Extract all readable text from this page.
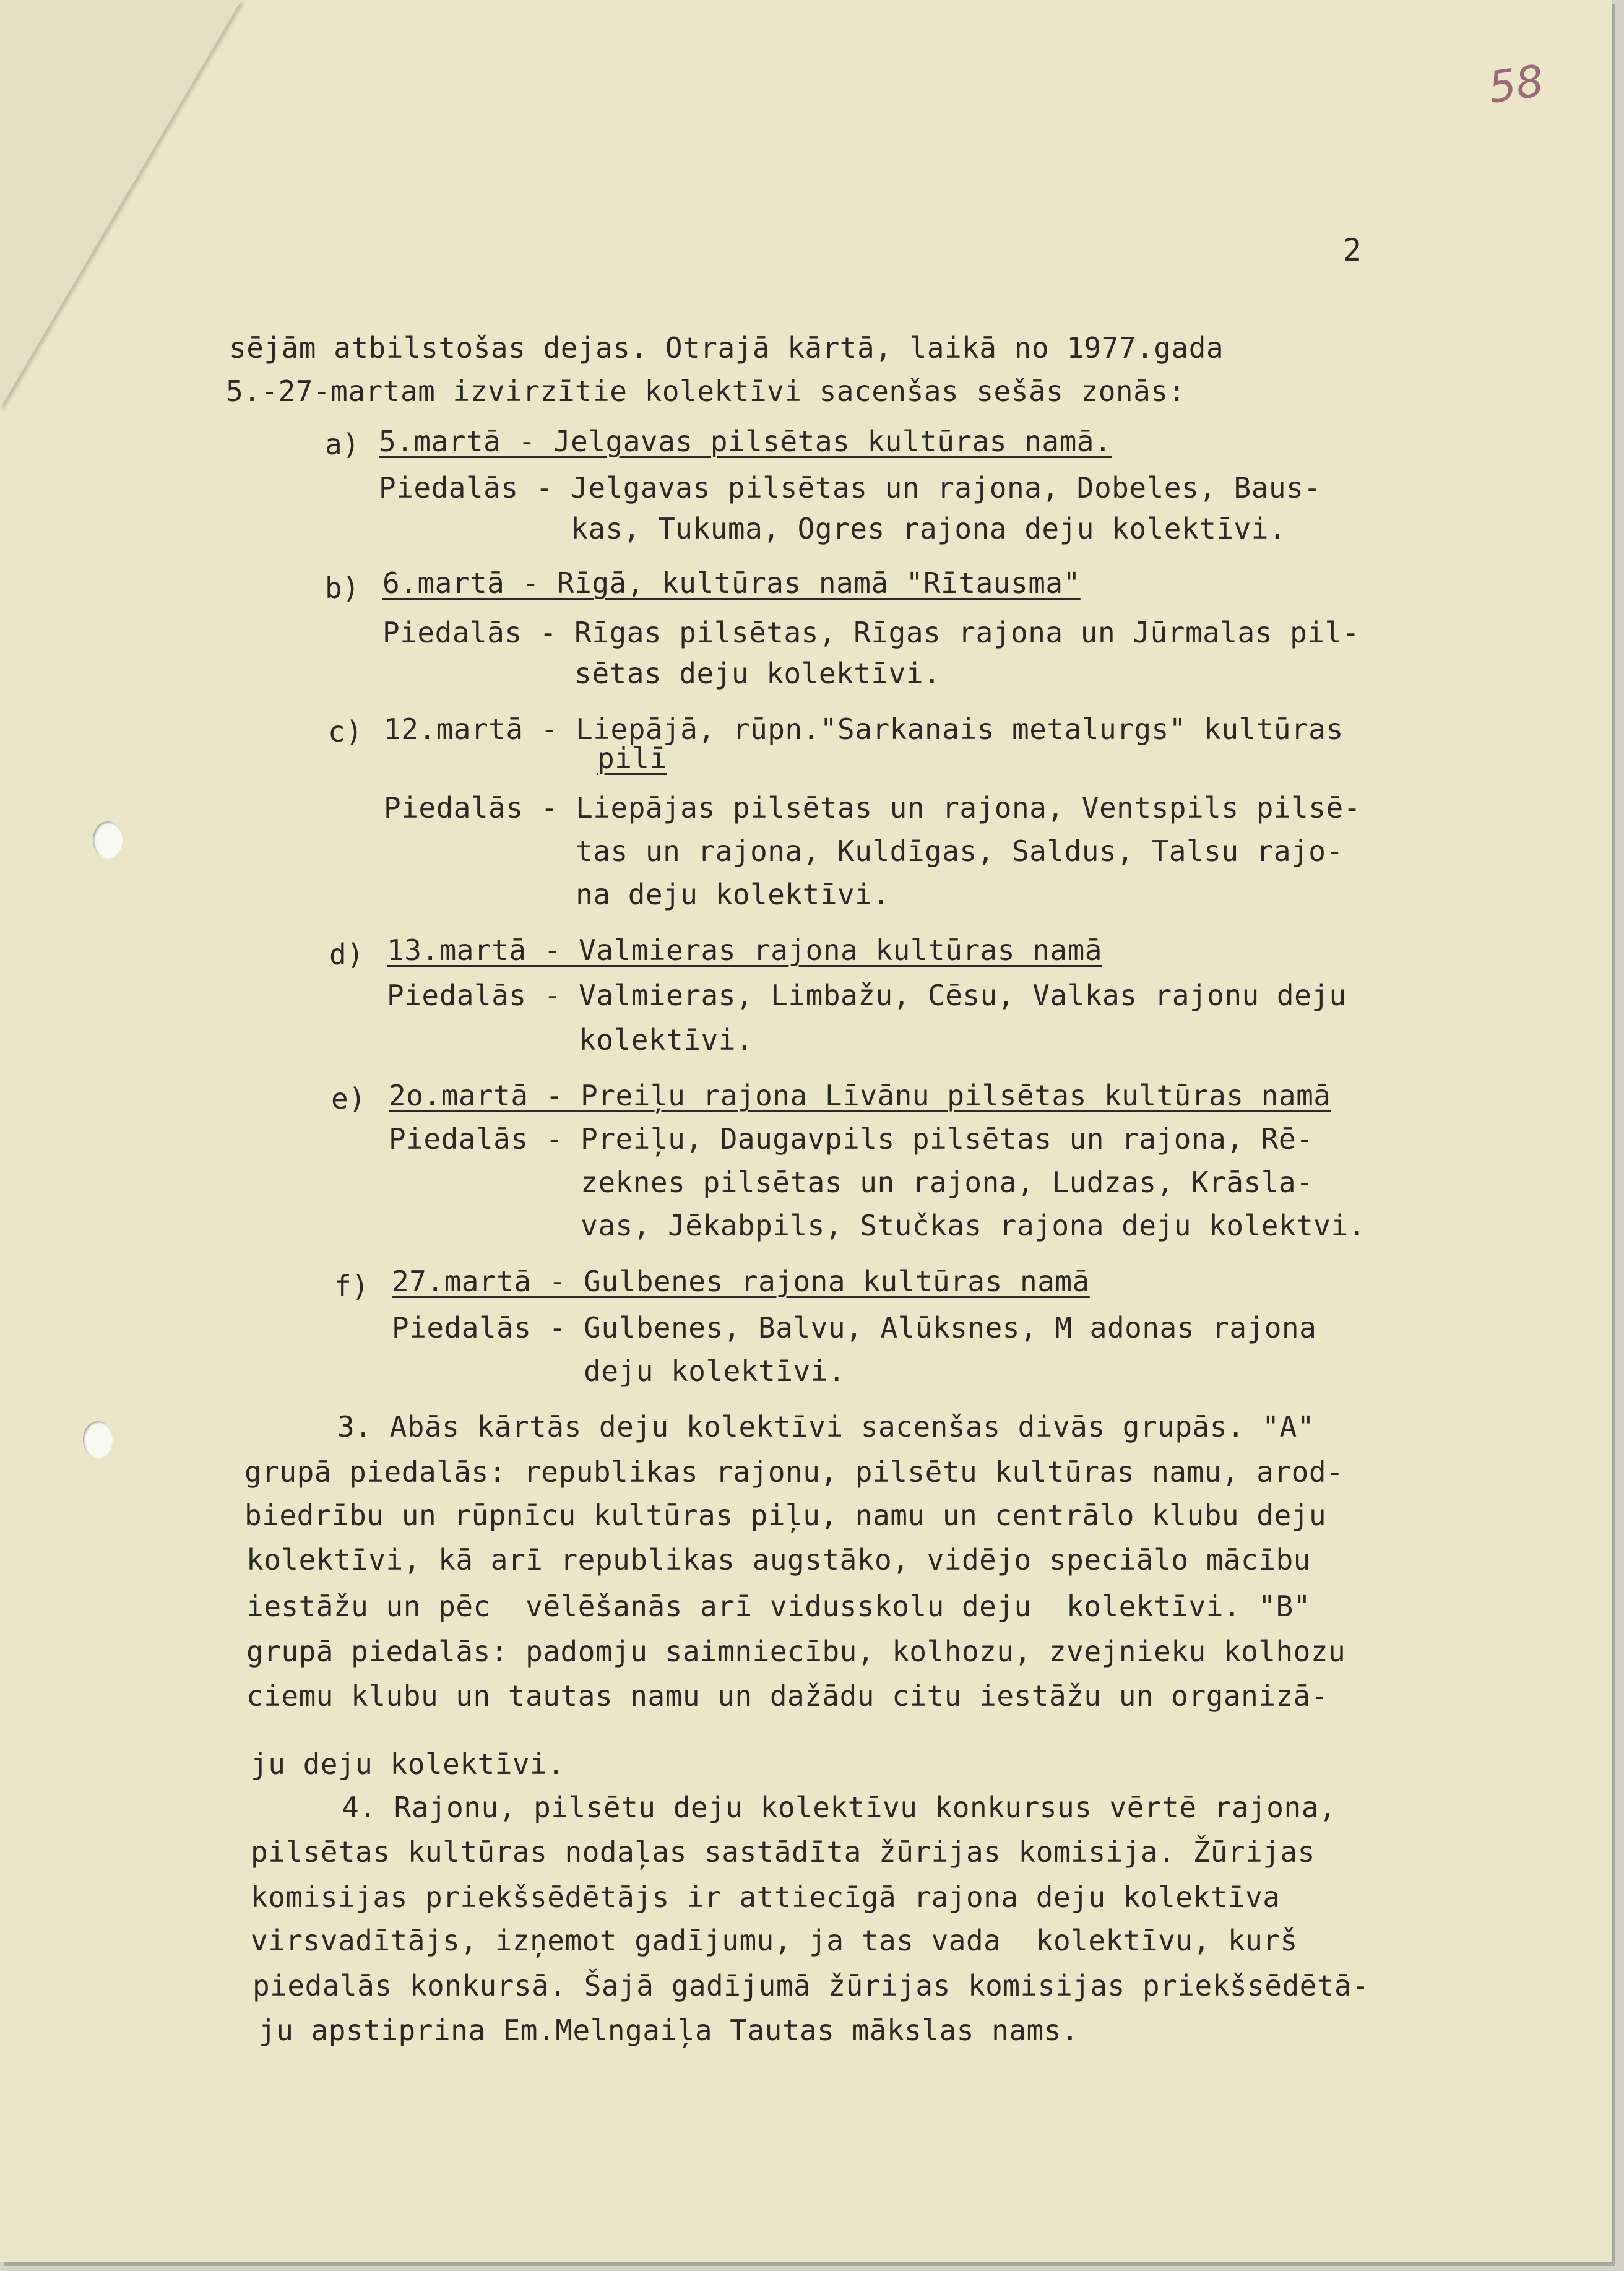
58
2
sējām atbilstošas dejas. Otrajā kārtā, laikā no 1977.gada
5.-27-martam izvirzītie kolektīvi sacenšas sešās zonās:
a) 5.martā - Jelgavas pilsētas kultūras namā.
Piedalās - Jelgavas pilsētas un rajona, Dobeles, Baus-
kas, Tukuma, Ogres rajona deju kolektīvi.
b) 6.martā - Rīgā, kultūras namā "Rītausma"
Piedalās - Rīgas pilsētas, Rīgas rajona un Jūrmalas pil-
sētas deju kolektīvi.
c) 12.martā - Liepājā, rūpn."Sarkanais metalurgs" kultūras
pilī
Piedalās - Liepājas pilsētas un rajona, Ventspils pilsē-
tas un rajona, Kuldīgas, Saldus, Talsu rajo-
na deju kolektīvi.
d) 13.martā - Valmieras rajona kultūras namā
Piedalās - Valmieras, Limbažu, Cēsu, Valkas rajonu deju
kolektīvi.
e) 2o.martā - Preiļu rajona Līvānu pilsētas kultūras namā
Piedalās - Preiļu, Daugavpils pilsētas un rajona, Rē-
zeknes pilsētas un rajona, Ludzas, Krāsla-
vas, Jēkabpils, Stučkas rajona deju kolektvi.
f) 27.martā - Gulbenes rajona kultūras namā
Piedalās - Gulbenes, Balvu, Alūksnes, M adonas rajona
deju kolektīvi.
3. Abās kārtās deju kolektīvi sacenšas divās grupās. "A"
grupā piedalās: republikas rajonu, pilsētu kultūras namu, arod-
biedrību un rūpnīcu kultūras piļu, namu un centrālo klubu deju
kolektīvi, kā arī republikas augstāko, vidējo speciālo mācību
iestāžu un pēc  vēlēšanās arī vidusskolu deju  kolektīvi. "B"
grupā piedalās: padomju saimniecību, kolhozu, zvejnieku kolhozu
ciemu klubu un tautas namu un dažādu citu iestāžu un organizā-
ju deju kolektīvi.
4. Rajonu, pilsētu deju kolektīvu konkursus vērtē rajona,
pilsētas kultūras nodaļas sastādīta žūrijas komisija. Žūrijas
komisijas priekšsēdētājs ir attiecīgā rajona deju kolektīva
virsvadītājs, izņemot gadījumu, ja tas vada  kolektīvu, kurš
piedalās konkursā. Šajā gadījumā žūrijas komisijas priekšsēdētā-
ju apstiprina Em.Melngaiļa Tautas mākslas nams.
